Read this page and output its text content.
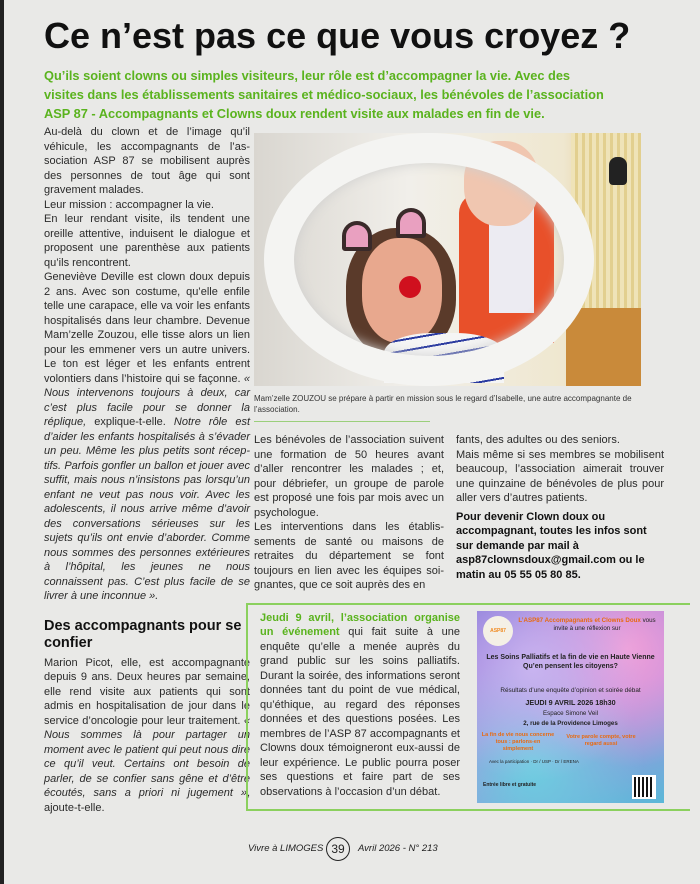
Ce n’est pas ce que vous croyez ?
Qu’ils soient clowns ou simples visiteurs, leur rôle est d’accompagner la vie. Avec des visites dans les établissements sanitaires et médico-sociaux, les bénévoles de l’association ASP 87 - Accompagnants et Clowns doux rendent visite aux malades en fin de vie.

Au-delà du clown et de l’image qu’il véhicule, les accompagnants de l’association ASP 87 se mobilisent auprès des personnes de tout âge qui sont gravement malades.

Leur mission : accompagner la vie.

En leur rendant visite, ils tendent une oreille attentive, induisent le dialogue et proposent une parenthèse aux patients qu’ils rencontrent.

Geneviève Deville est clown doux depuis 2 ans. Avec son costume, qu’elle enfile telle une carapace, elle va voir les enfants hospitalisés dans leur chambre. Devenue Mam’zelle Zouzou, elle tisse alors un lien pour les emmener vers un autre univers. Le ton est léger et les enfants entrent volontiers dans l’histoire qui se façonne. « Nous intervenons toujours à deux, car c’est plus facile pour se donner la réplique, explique-t-elle. Notre rôle est d’aider les enfants hospitalisés à s’évader un peu. Même les plus petits sont réceptifs. Parfois gonfler un ballon et jouer avec suffit, mais nous n’insistons pas lorsqu’un enfant ne veut pas nous voir. Avec les adolescents, il nous arrive même d’avoir des conversations sérieuses sur les sujets qu’ils ont envie d’aborder. Comme nous sommes des personnes extérieures à l’hôpital, les jeunes ne nous connaissent pas. C’est plus facile de se livrer à une inconnue ».

Des accompagnants pour se confier

Marion Picot, elle, est accompagnante depuis 9 ans. Deux heures par semaine, elle rend visite aux patients qui sont admis en hospitalisation de jour dans le service d’oncologie pour leur traitement. « Nous sommes là pour partager un moment avec le patient qui peut nous dire ce qu’il veut. Certains ont besoin de parler, de se confier sans gêne et d’être écoutés, sans a priori ni jugement », ajoute-t-elle.

Mam’zelle ZOUZOU se prépare à partir en mission sous le regard d’Isabelle, une autre accompagnante de l’association.

Les bénévoles de l’association suivent une formation de 50 heures avant d’aller rencontrer les malades ; et, pour débriefer, un groupe de parole est proposé une fois par mois avec un psychologue.

Les interventions dans les établissements de santé ou maisons de retraites du département se font toujours en lien avec les équipes soignantes, que ce soit auprès des en

fants, des adultes ou des seniors.

Mais même si ses membres se mobilisent beaucoup, l’association aimerait trouver une quinzaine de bénévoles de plus pour aller vers d’autres patients.

Pour devenir Clown doux ou accompagnant, toutes les infos sont sur demande par mail à asp87clownsdoux@gmail.com ou le matin au 05 55 05 80 85.

Jeudi 9 avril, l’association organise un événement qui fait suite à une enquête qu’elle a menée auprès du grand public sur les soins palliatifs. Durant la soirée, des informations seront données tant du point de vue médical, qu’éthique, au regard des réponses données et des questions posées. Les membres de l’ASP 87 accompagnants et Clowns doux témoigneront eux-aussi de leur expérience. Le public pourra poser ses questions et faire part de ses observations à l’occasion d’un débat.
ASP87
L’ASP87 Accompagnants et Clowns Doux vous invite à une réflexion sur
Les Soins Palliatifs et la fin de vie en Haute Vienne Qu’en pensent les citoyens?
Résultats d’une enquête d’opinion et soirée débat
JEUDI 9 AVRIL 2026 18h30
Espace Simone Veil
2, rue de la Providence Limoges
La fin de vie nous concerne tous : parlons-en simplement
Votre parole compte, votre regard aussi
Avec la participation · Dr / USP · Dr / ERENA
Entrée libre et gratuite
Vivre à LIMOGES 39	Avril 2026 - N° 213
